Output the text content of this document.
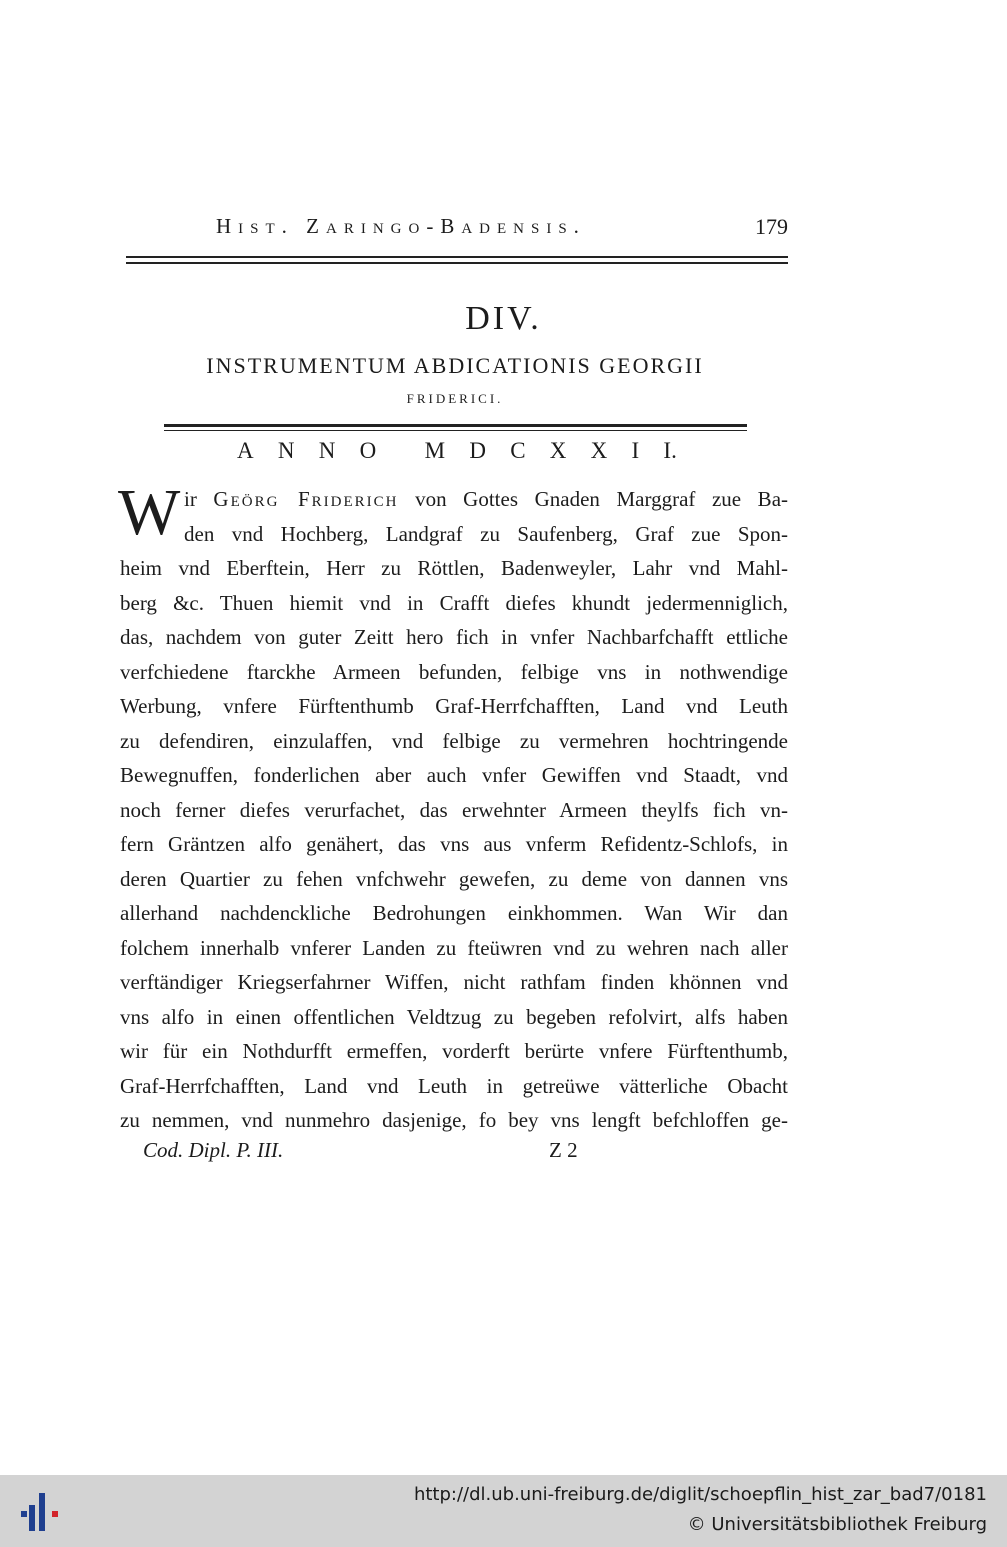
Hist. Zaringo-Badensis.	179
DIV.
INSTRUMENTUM ABDICATIONIS GEORGII
FRIDERICI.
A N N O M D C X X I I.
W ir Geörg Friderich von Gottes Gnaden Marggraf zue Ba-
den vnd Hochberg, Landgraf zu Saufenberg, Graf zue Spon-
heim vnd Eberftein, Herr zu Röttlen, Badenweyler, Lahr vnd Mahl-
berg &c. Thuen hiemit vnd in Crafft diefes khundt jedermenniglich,
das, nachdem von guter Zeitt hero fich in vnfer Nachbarfchafft ettliche
verfchiedene ftarckhe Armeen befunden, felbige vns in nothwendige
Werbung, vnfere Fürftenthumb Graf-Herrfchafften, Land vnd Leuth
zu defendiren, einzulaffen, vnd felbige zu vermehren hochtringende
Bewegnuffen, fonderlichen aber auch vnfer Gewiffen vnd Staadt, vnd
noch ferner diefes verurfachet, das erwehnter Armeen theylfs fich vn-
fern Gräntzen alfo genähert, das vns aus vnferm Refidentz-Schlofs, in
deren Quartier zu fehen vnfchwehr gewefen, zu deme von dannen vns
allerhand nachdenckliche Bedrohungen einkhommen. Wan Wir dan
folchem innerhalb vnferer Landen zu fteüwren vnd zu wehren nach aller
verftändiger Kriegserfahrner Wiffen, nicht rathfam finden khönnen vnd
vns alfo in einen offentlichen Veldtzug zu begeben refolvirt, alfs haben
wir für ein Nothdurfft ermeffen, vorderft berürte vnfere Fürftenthumb,
Graf-Herrfchafften, Land vnd Leuth in getreüwe vätterliche Obacht
zu nemmen, vnd nunmehro dasjenige, fo bey vns lengft befchloffen ge-
Cod. Dipl. P. III.	Z 2
http://dl.ub.uni-freiburg.de/diglit/schoepflin_hist_zar_bad7/0181
© Universitätsbibliothek Freiburg
